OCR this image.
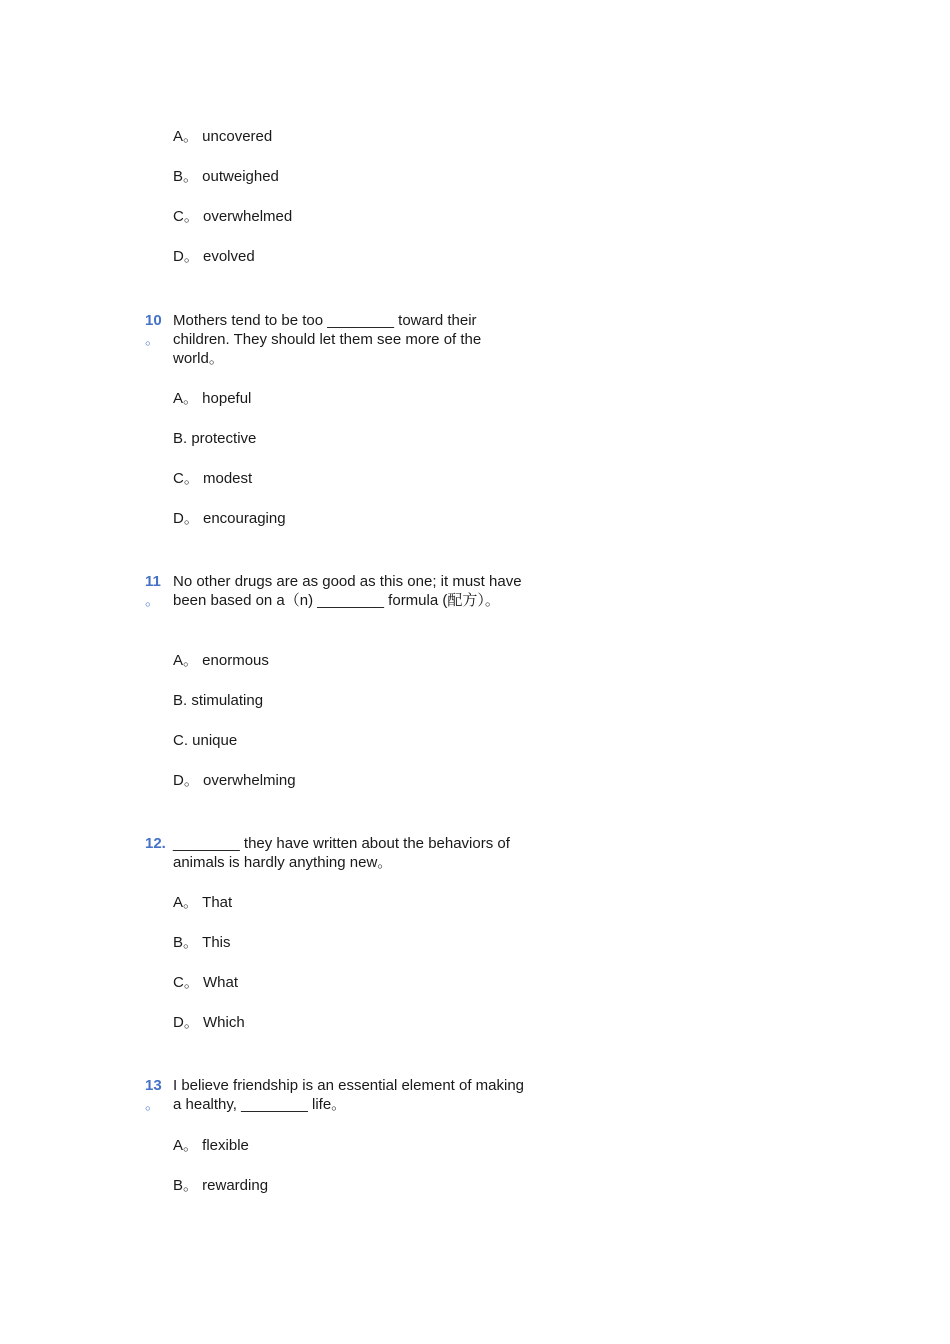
A。 uncovered
B。 outweighed
C。 overwhelmed
D。 evolved
10
。
Mothers tend to be too ________ toward their children. They should let them see more of the world。
A。 hopeful
B. protective
C。 modest
D。 encouraging
11
。
No other drugs are as good as this one; it must have been based on a（n) ________ formula (配方）。
A。 enormous
B. stimulating
C. unique
D。 overwhelming
12. ________ they have written about the behaviors of animals is hardly anything new。
A。 That
B。 This
C。 What
D。 Which
13
。
I believe friendship is an essential element of making a healthy, ________ life。
A。 flexible
B。 rewarding
